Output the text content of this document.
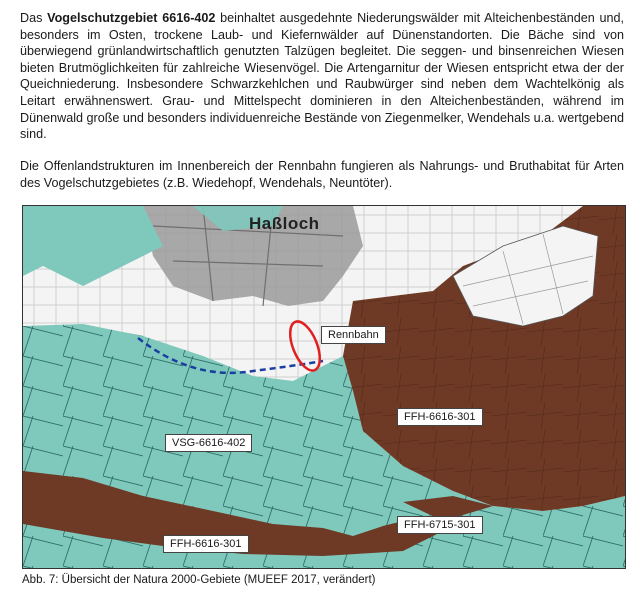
Das Vogelschutzgebiet 6616-402 beinhaltet ausgedehnte Niederungswälder mit Alteichenbeständen und, besonders im Osten, trockene Laub- und Kiefernwälder auf Dünenstandorten. Die Bäche sind von überwiegend grünlandwirtschaftlich genutzten Talzügen begleitet. Die seggen- und binsenreichen Wiesen bieten Brutmöglichkeiten für zahlreiche Wiesenvögel. Die Artengarnitur der Wiesen entspricht etwa der der Queichniederung. Insbesondere Schwarzkehlchen und Raubwürger sind neben dem Wachtelkönig als Leitart erwähnenswert. Grau- und Mittelspecht dominieren in den Alteichenbeständen, während im Dünenwald große und besonders individuenreiche Bestände von Ziegenmelker, Wendehals u.a. wertgebend sind.

Die Offenlandstrukturen im Innenbereich der Rennbahn fungieren als Nahrungs- und Bruthabitat für Arten des Vogelschutzgebietes (z.B. Wiedehopf, Wendehals, Neuntöter).

Haßloch
Rennbahn
VSG-6616-402
FFH-6616-301
FFH-6616-301
FFH-6715-301
Abb. 7: Übersicht der Natura 2000-Gebiete (MUEEF 2017, verändert)
